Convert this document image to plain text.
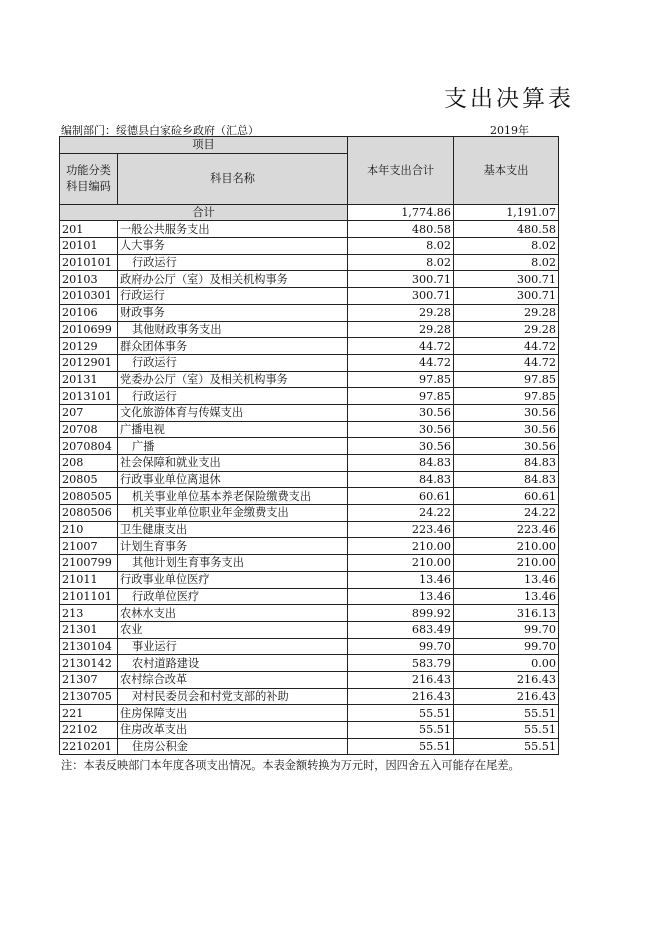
支出决算表
编制部门：绥德县白家硷乡政府（汇总）	2019年
项目		本年支出合计	基本支出
功能分类
科目编码	科目名称		

合计		1,774.86	1,191.07
201	一般公共服务支出	480.58	480.58
20101	人大事务	8.02	8.02
2010101	行政运行	8.02	8.02
20103	政府办公厅（室）及相关机构事务	300.71	300.71
2010301	行政运行	300.71	300.71
20106	财政事务	29.28	29.28
2010699	其他财政事务支出	29.28	29.28
20129	群众团体事务	44.72	44.72
2012901	行政运行	44.72	44.72
20131	党委办公厅（室）及相关机构事务	97.85	97.85
2013101	行政运行	97.85	97.85
207	文化旅游体育与传媒支出	30.56	30.56
20708	广播电视	30.56	30.56
2070804	广播	30.56	30.56
208	社会保障和就业支出	84.83	84.83
20805	行政事业单位离退休	84.83	84.83
2080505	机关事业单位基本养老保险缴费支出	60.61	60.61
2080506	机关事业单位职业年金缴费支出	24.22	24.22
210	卫生健康支出	223.46	223.46
21007	计划生育事务	210.00	210.00
2100799	其他计划生育事务支出	210.00	210.00
21011	行政事业单位医疗	13.46	13.46
2101101	行政单位医疗	13.46	13.46
213	农林水支出	899.92	316.13
21301	农业	683.49	99.70
2130104	事业运行	99.70	99.70
2130142	农村道路建设	583.79	0.00
21307	农村综合改革	216.43	216.43
2130705	对村民委员会和村党支部的补助	216.43	216.43
221	住房保障支出	55.51	55.51
22102	住房改革支出	55.51	55.51
2210201	住房公积金	55.51	55.51
注：本表反映部门本年度各项支出情况。本表金额转换为万元时，因四舍五入可能存在尾差。
